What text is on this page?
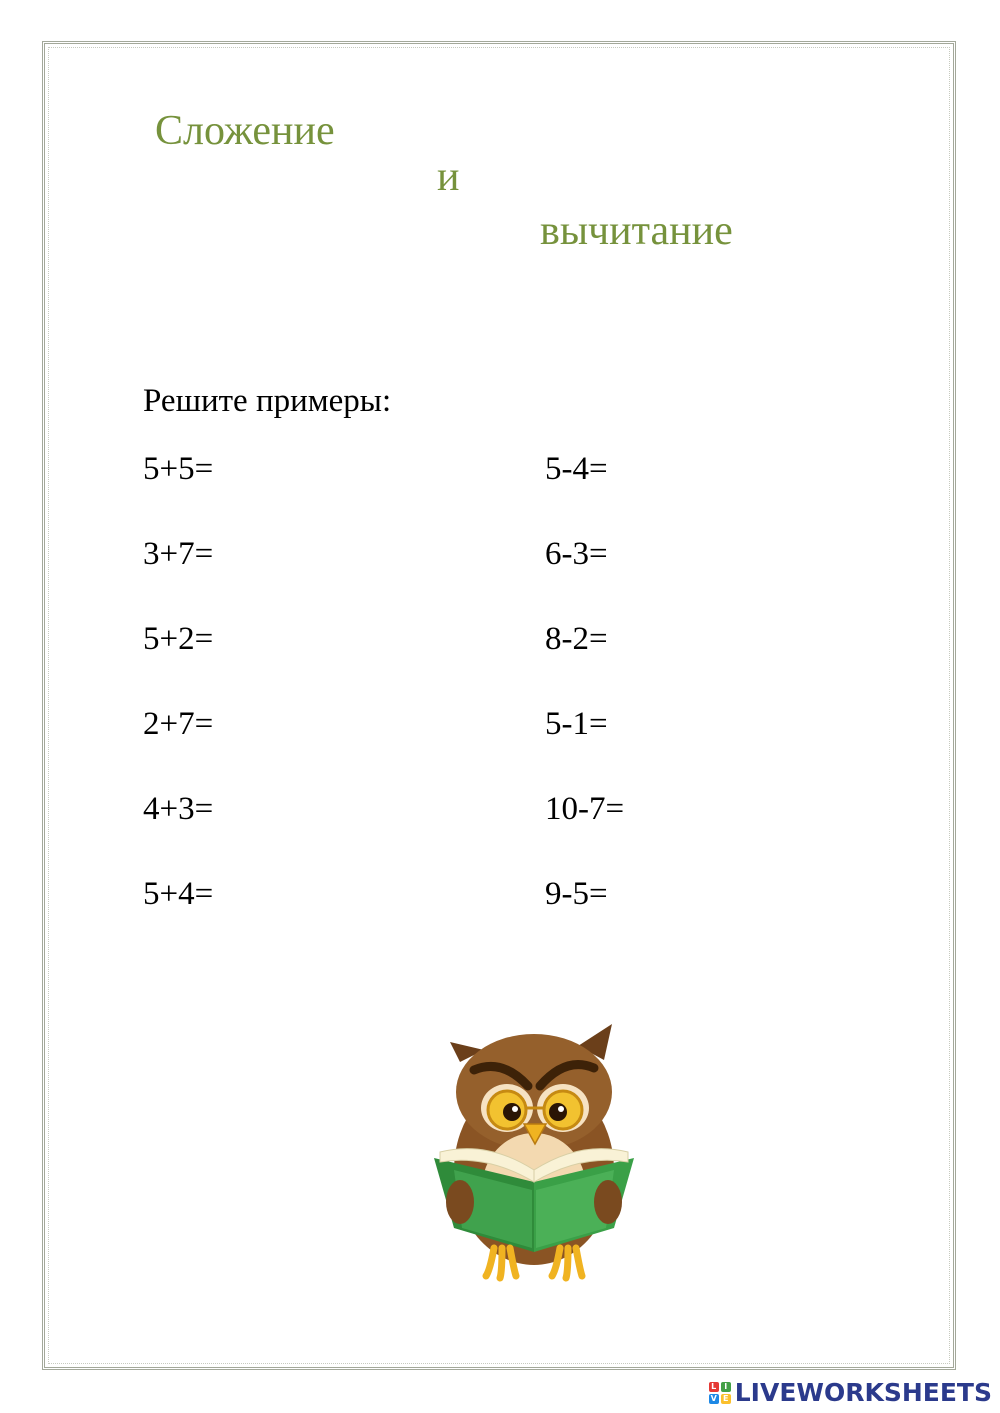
Сложение
и
вычитание
Решите примеры:
5+5=
3+7=
5+2=
2+7=
4+3=
5+4=
5-4=
6-3=
8-2=
5-1=
10-7=
9-5=
L I
V E LIVEWORKSHEETS
